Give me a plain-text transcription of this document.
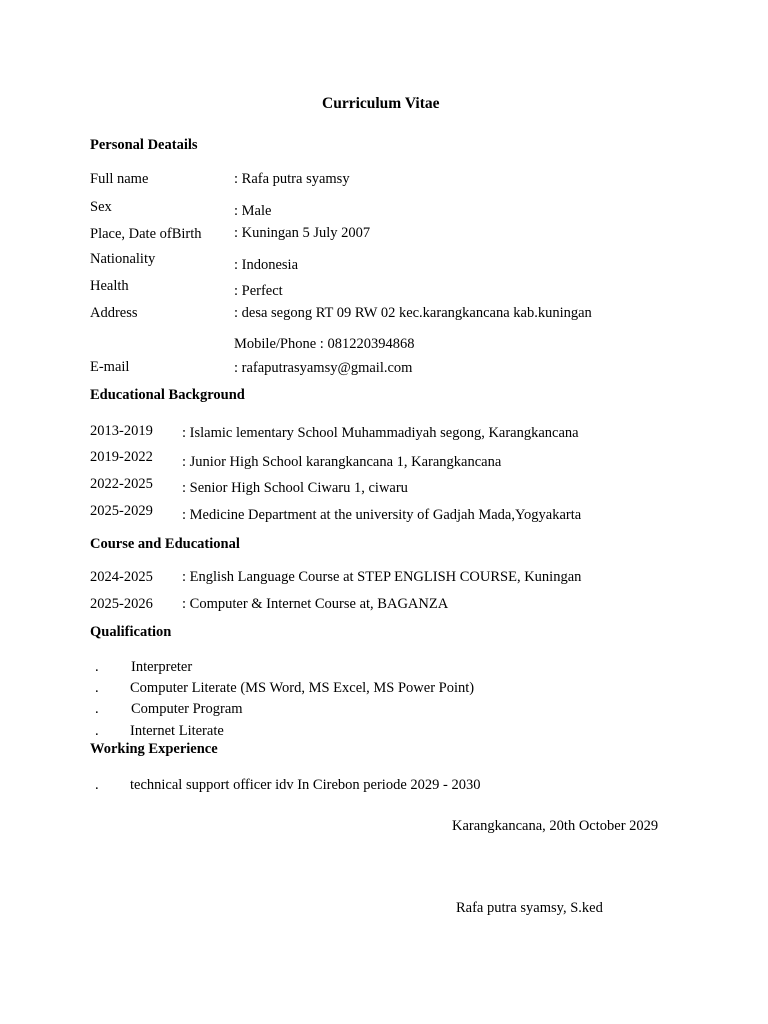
Curriculum Vitae
Personal Deatails
Full name	: Rafa putra syamsy
Sex	: Male
Place, Date ofBirth : Kuningan 5 July 2007
Nationality	: Indonesia
Health	: Perfect
Address	: desa segong RT 09 RW 02 kec.karangkancana kab.kuningan
Mobile/Phone : 081220394868
E-mail	: rafaputrasyamsy@gmail.com
Educational Background
2013-2019 : Islamic lementary School Muhammadiyah segong, Karangkancana
2019-2022 : Junior High School karangkancana 1, Karangkancana
2022-2025 : Senior High School Ciwaru 1, ciwaru
2025-2029 : Medicine Department at the university of Gadjah Mada,Yogyakarta
Course and Educational
2024-2025 : English Language Course at STEP ENGLISH COURSE, Kuningan
2025-2026 : Computer & Internet Course at, BAGANZA
Qualification
. Interpreter
. Computer Literate (MS Word, MS Excel, MS Power Point)
. Computer Program
. Internet Literate
Working Experience
. technical support officer idv In Cirebon periode 2029 - 2030
Karangkancana, 20th October 2029
Rafa putra syamsy, S.ked
